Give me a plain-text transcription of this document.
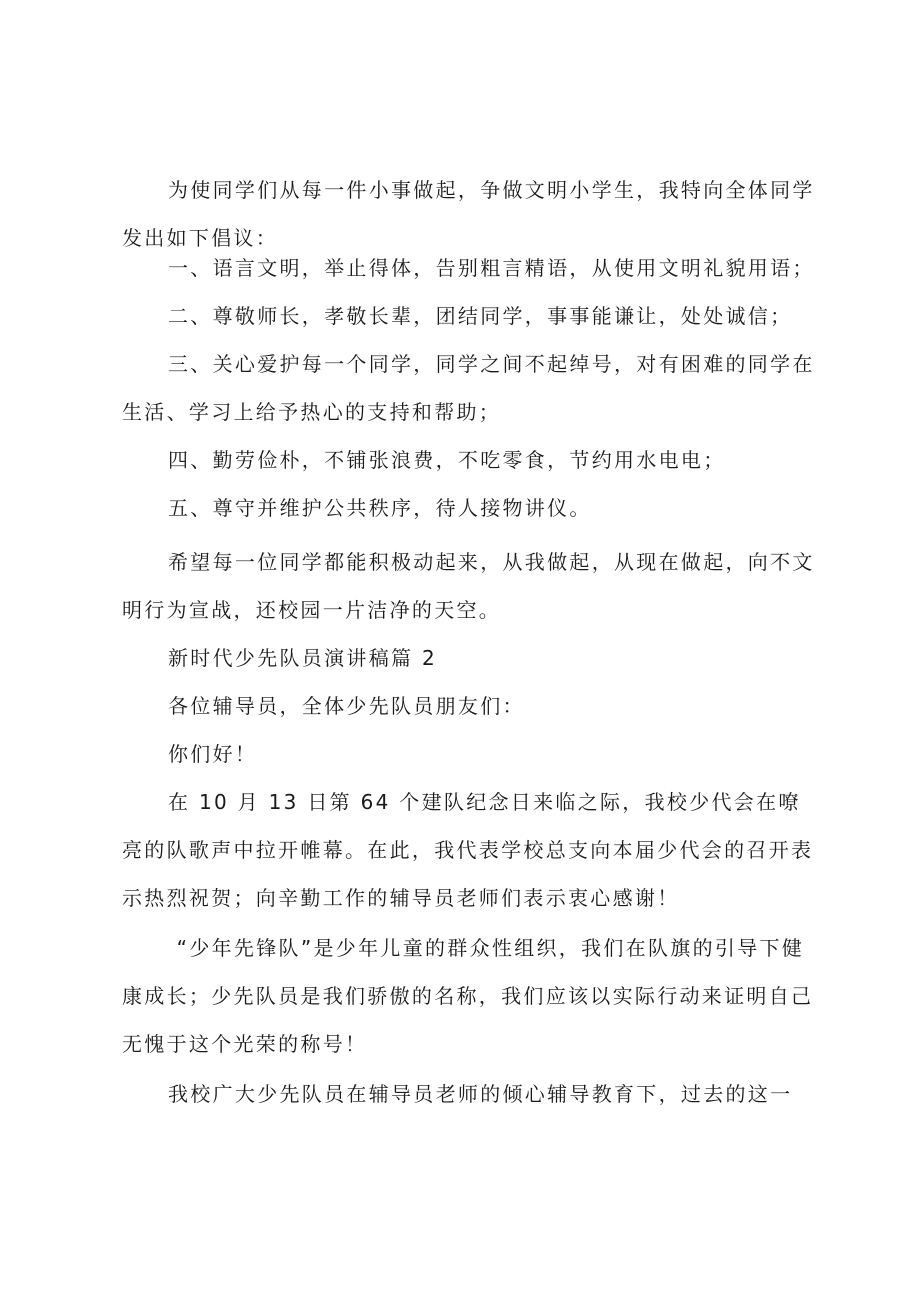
为使同学们从每一件小事做起，争做文明小学生，我特向全体同学发出如下倡议：

一、语言文明，举止得体，告别粗言精语，从使用文明礼貌用语；

二、尊敬师长，孝敬长辈，团结同学，事事能谦让，处处诚信；

三、关心爱护每一个同学，同学之间不起绰号，对有困难的同学在生活、学习上给予热心的支持和帮助；

四、勤劳俭朴，不铺张浪费，不吃零食，节约用水电电；

五、尊守并维护公共秩序，待人接物讲仪。

希望每一位同学都能积极动起来，从我做起，从现在做起，向不文明行为宣战，还校园一片洁净的天空。

新时代少先队员演讲稿篇 2

各位辅导员，全体少先队员朋友们：

你们好！

在 10 月 13 日第 64 个建队纪念日来临之际，我校少代会在嘹亮的队歌声中拉开帷幕。在此，我代表学校总支向本届少代会的召开表示热烈祝贺；向辛勤工作的辅导员老师们表示衷心感谢！

“少年先锋队”是少年儿童的群众性组织，我们在队旗的引导下健康成长；少先队员是我们骄傲的名称，我们应该以实际行动来证明自己无愧于这个光荣的称号！

我校广大少先队员在辅导员老师的倾心辅导教育下，过去的这一
